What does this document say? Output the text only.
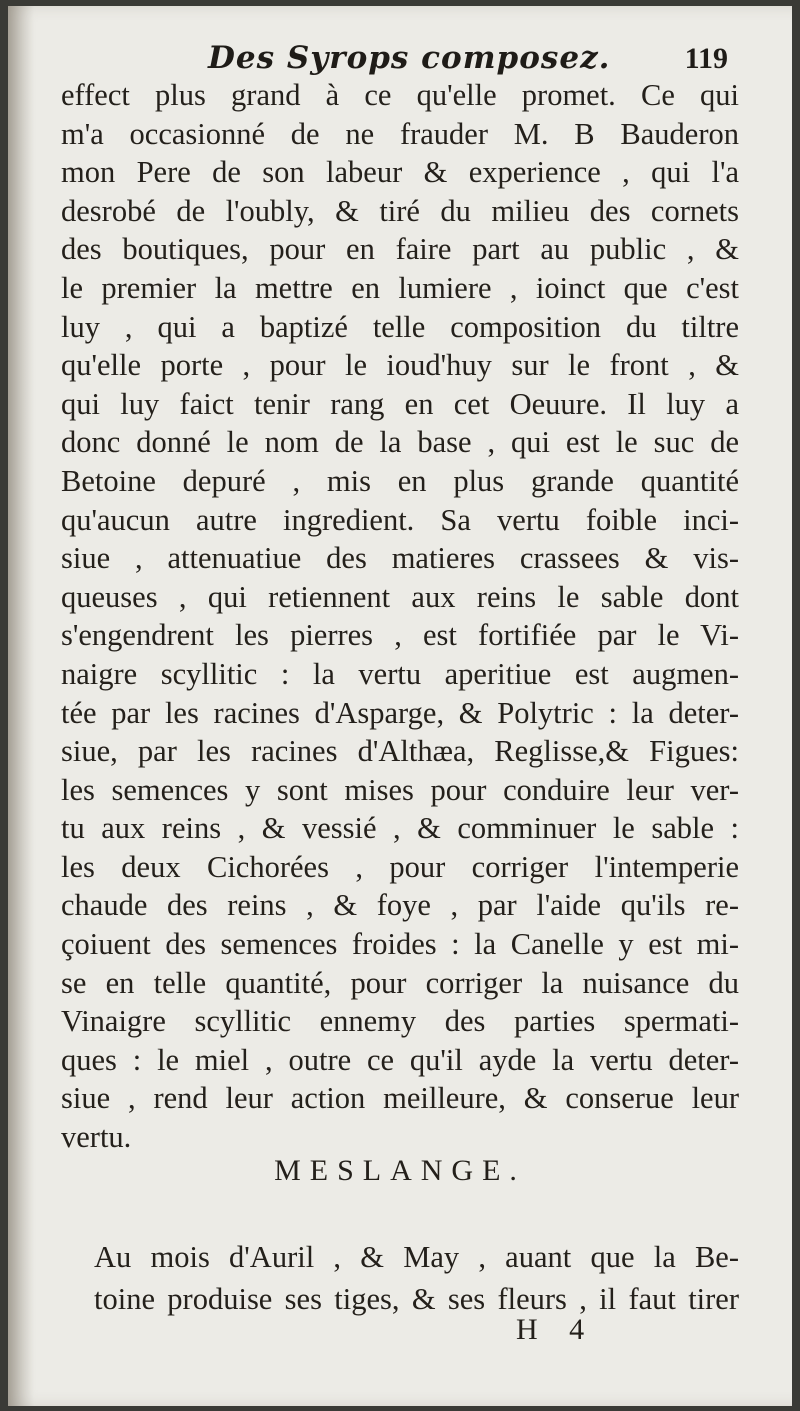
Des Syrops composez. 119
effect plus grand à ce qu'elle promet. Ce qui
m'a occasionné de ne frauder M. B Bauderon
mon Pere de son labeur & experience , qui l'a
desrobé de l'oubly, & tiré du milieu des cornets
des boutiques, pour en faire part au public , &
le premier la mettre en lumiere , ioinct que c'est
luy , qui a baptizé telle composition du tiltre
qu'elle porte , pour le ioud'huy sur le front , &
qui luy faict tenir rang en cet Oeuure. Il luy a
donc donné le nom de la base , qui est le suc de
Betoine depuré , mis en plus grande quantité
qu'aucun autre ingredient. Sa vertu foible inci-
siue , attenuatiue des matieres crassees & vis-
queuses , qui retiennent aux reins le sable dont
s'engendrent les pierres , est fortifiée par le Vi-
naigre scyllitic : la vertu aperitiue est augmen-
tée par les racines d'Asparge, & Polytric : la deter-
siue, par les racines d'Althæa, Reglisse,& Figues:
les semences y sont mises pour conduire leur ver-
tu aux reins , & vessié , & comminuer le sable :
les deux Cichorées , pour corriger l'intemperie
chaude des reins , & foye , par l'aide qu'ils re-
çoiuent des semences froides : la Canelle y est mi-
se en telle quantité, pour corriger la nuisance du
Vinaigre scyllitic ennemy des parties spermati-
ques : le miel , outre ce qu'il ayde la vertu deter-
siue , rend leur action meilleure, & conserue leur
vertu.
MESLANGE.
Au mois d'Auril , & May , auant que la Be-
toine produise ses tiges, & ses fleurs , il faut tirer
H 4
